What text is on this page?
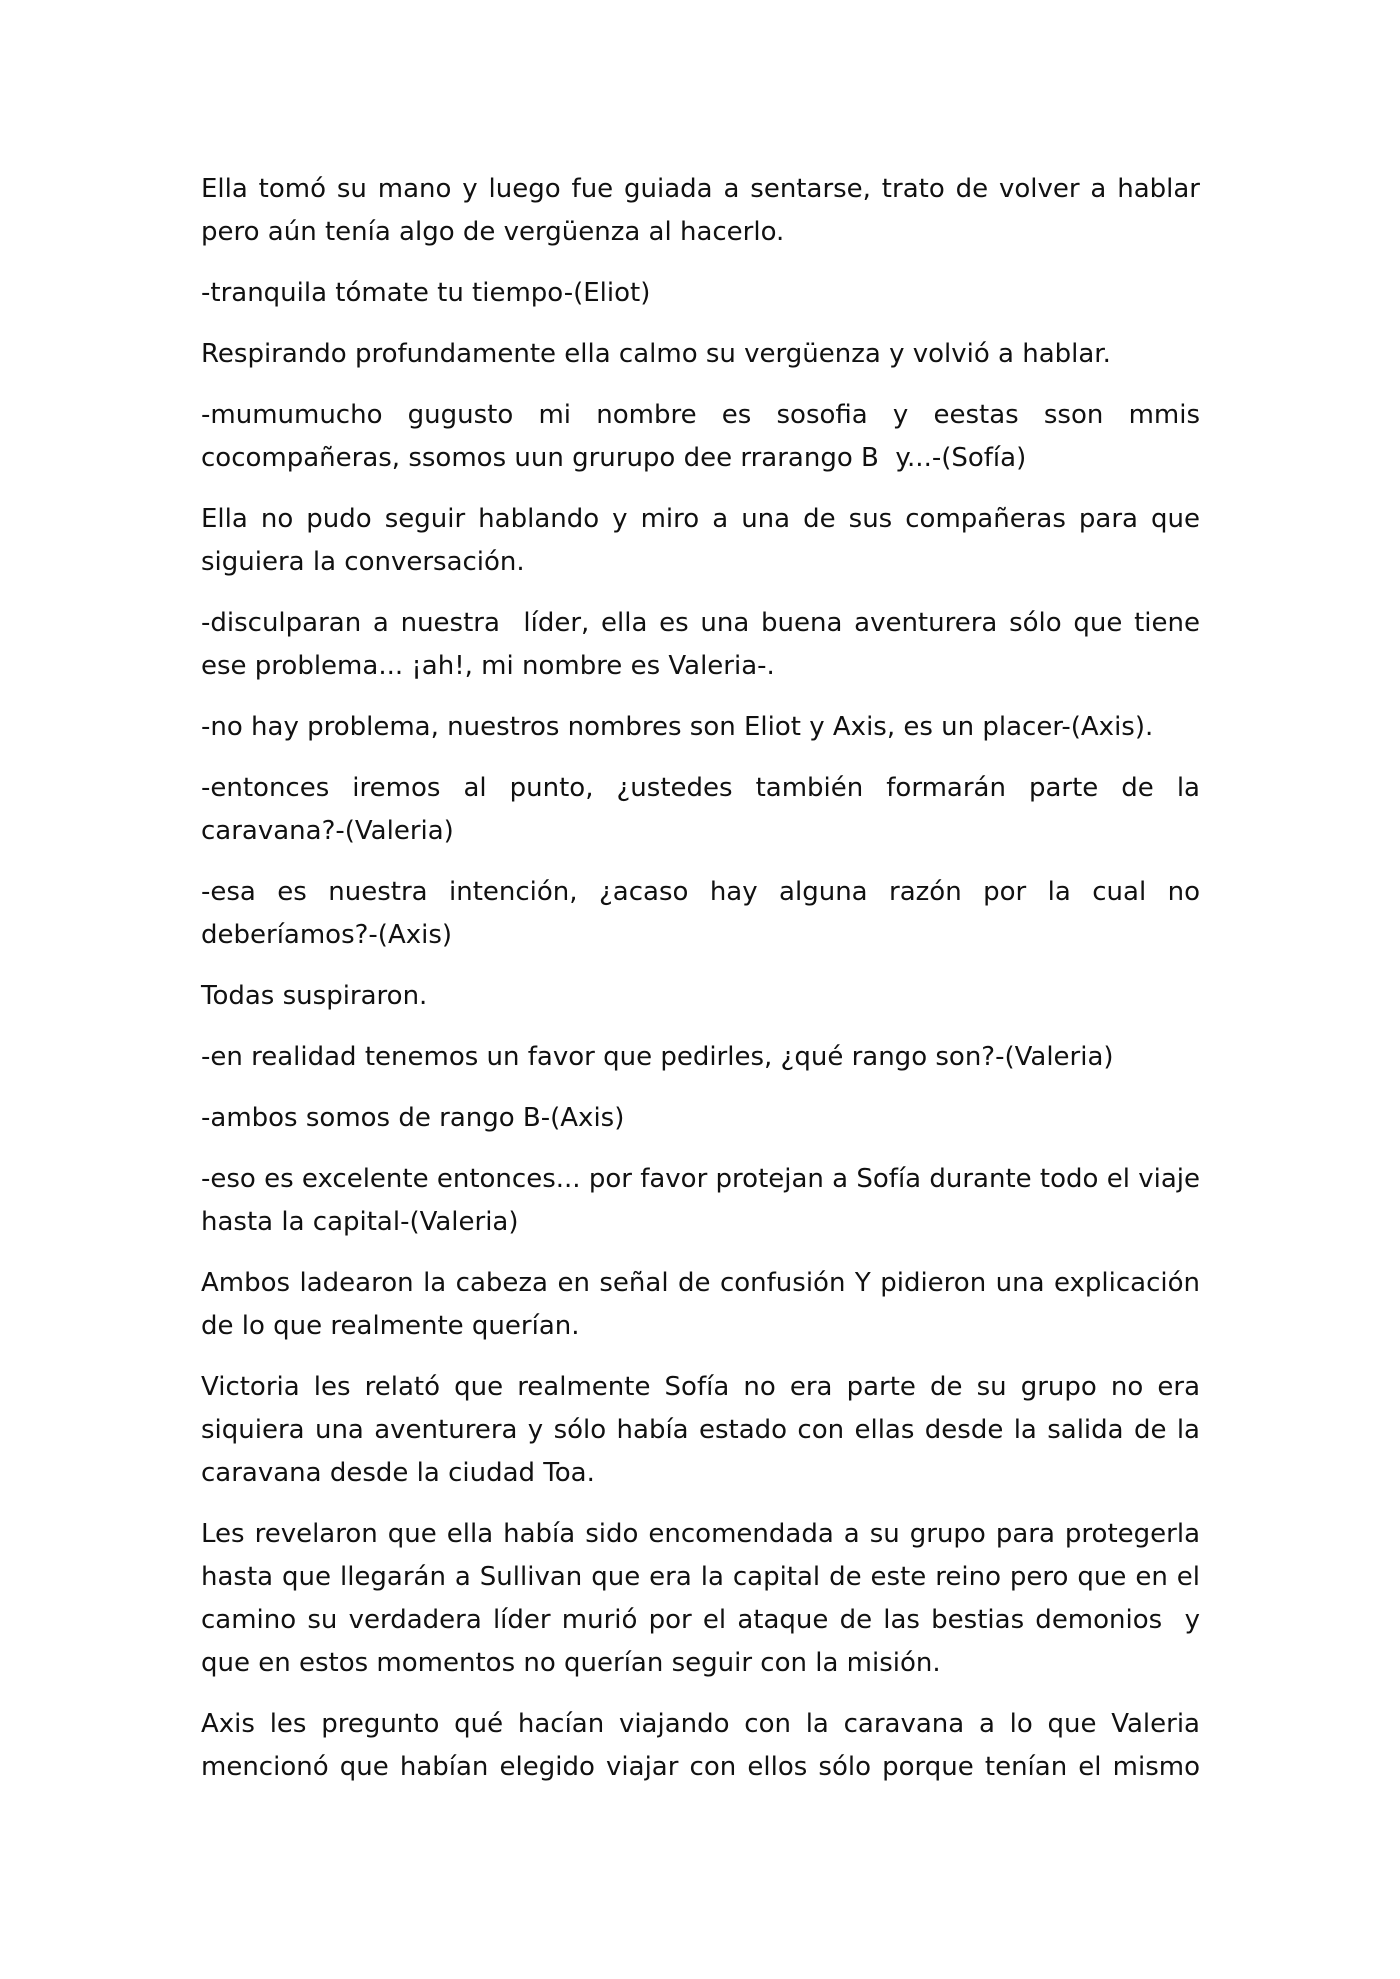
Ella tomó su mano y luego fue guiada a sentarse, trato de volver a hablar pero aún tenía algo de vergüenza al hacerlo.

-tranquila tómate tu tiempo-(Eliot)

Respirando profundamente ella calmo su vergüenza y volvió a hablar.

-mumumucho gugusto mi nombre es sosofia y eestas sson mmis cocompañeras, ssomos uun grurupo dee rrarango B  y...-(Sofía)

Ella no pudo seguir hablando y miro a una de sus compañeras para que siguiera la conversación.

-disculparan a nuestra  líder, ella es una buena aventurera sólo que tiene ese problema... ¡ah!, mi nombre es Valeria-.

-no hay problema, nuestros nombres son Eliot y Axis, es un placer-(Axis).

-entonces iremos al punto, ¿ustedes también formarán parte de la caravana?-(Valeria)

-esa es nuestra intención, ¿acaso hay alguna razón por la cual no deberíamos?-(Axis)

Todas suspiraron.

-en realidad tenemos un favor que pedirles, ¿qué rango son?-(Valeria)

-ambos somos de rango B-(Axis)

-eso es excelente entonces... por favor protejan a Sofía durante todo el viaje hasta la capital-(Valeria)

Ambos ladearon la cabeza en señal de confusión Y pidieron una explicación de lo que realmente querían.

Victoria les relató que realmente Sofía no era parte de su grupo no era siquiera una aventurera y sólo había estado con ellas desde la salida de la caravana desde la ciudad Toa.

Les revelaron que ella había sido encomendada a su grupo para protegerla hasta que llegarán a Sullivan que era la capital de este reino pero que en el camino su verdadera líder murió por el ataque de las bestias demonios  y que en estos momentos no querían seguir con la misión.

Axis les pregunto qué hacían viajando con la caravana a lo que Valeria mencionó que habían elegido viajar con ellos sólo porque tenían el mismo
